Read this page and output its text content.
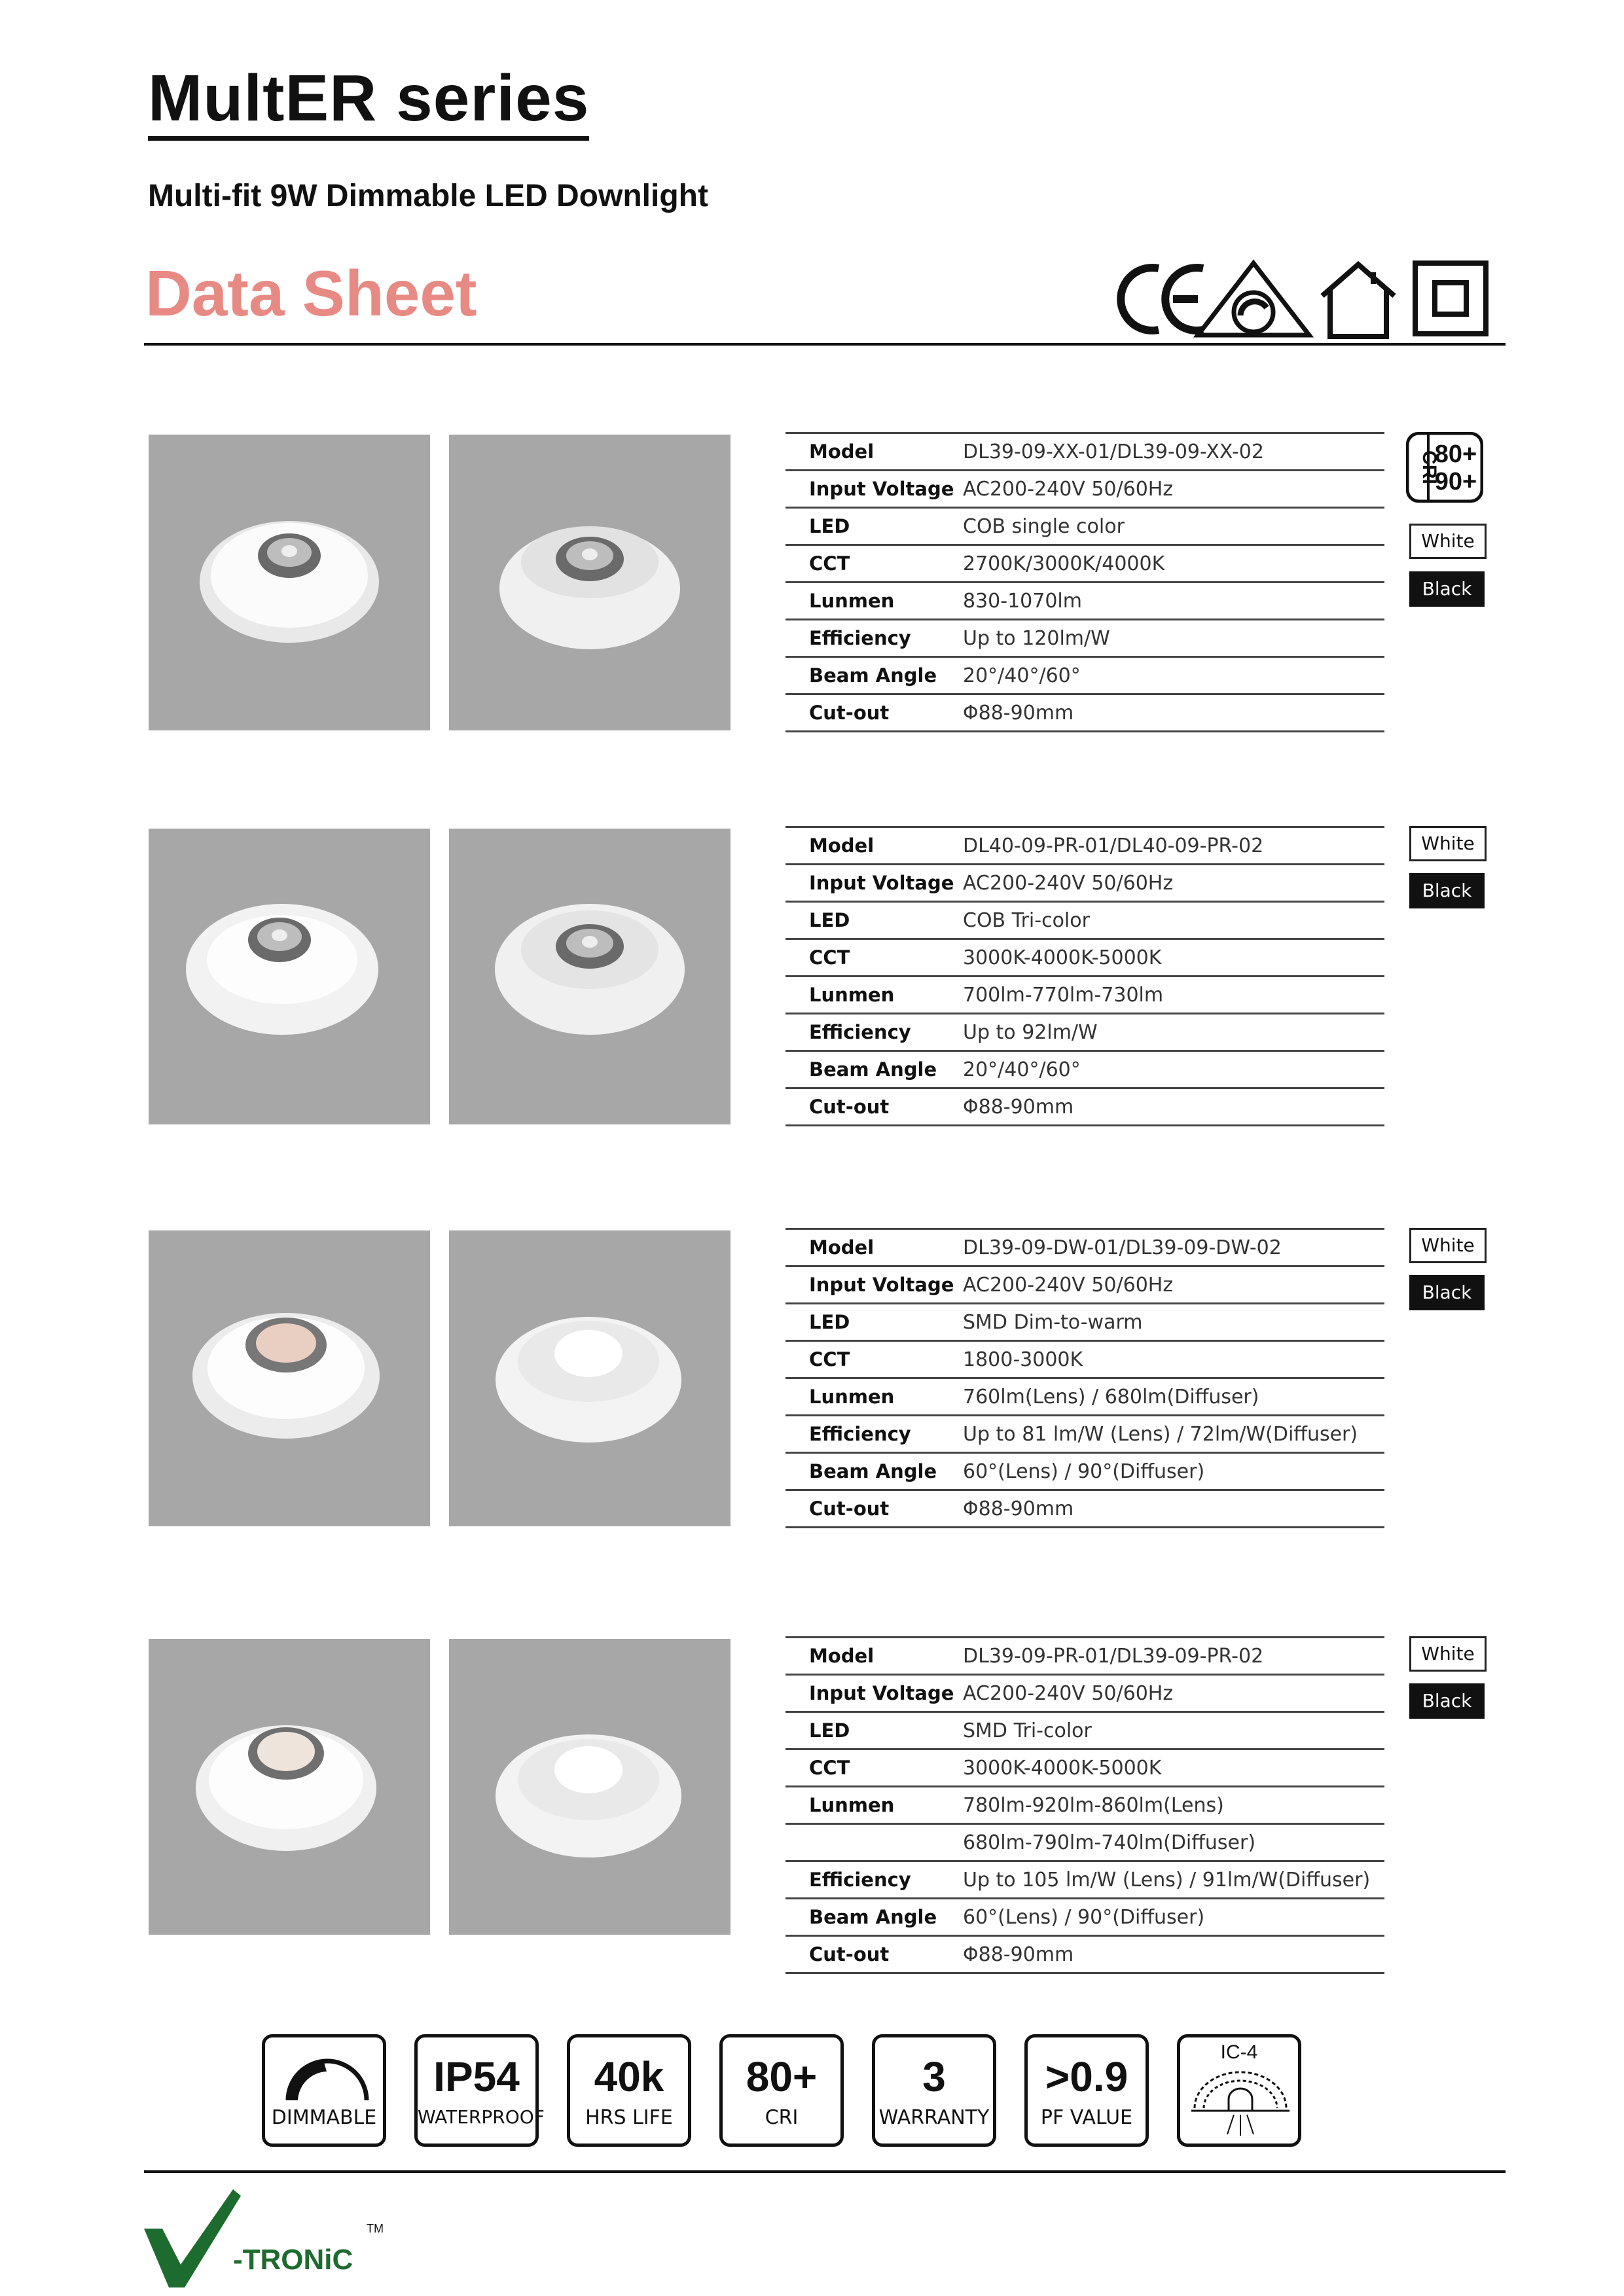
MultER series
Multi-fit 9W Dimmable LED Downlight
Data Sheet
Model	DL39-09-XX-01/DL39-09-XX-02
Input Voltage	AC200-240V 50/60Hz
LED	COB single color
CCT	2700K/3000K/4000K
Lunmen	830-1070lm
Efficiency	Up to 120lm/W
Beam Angle	20°/40°/60°
Cut-out	Φ88-90mm
Model	DL40-09-PR-01/DL40-09-PR-02
Input Voltage	AC200-240V 50/60Hz
LED	COB Tri-color
CCT	3000K-4000K-5000K
Lunmen	700lm-770lm-730lm
Efficiency	Up to 92lm/W
Beam Angle	20°/40°/60°
Cut-out	Φ88-90mm
Model	DL39-09-DW-01/DL39-09-DW-02
Input Voltage	AC200-240V 50/60Hz
LED	SMD Dim-to-warm
CCT	1800-3000K
Lunmen	760lm(Lens) / 680lm(Diffuser)
Efficiency	Up to 81 lm/W (Lens) / 72lm/W(Diffuser)
Beam Angle	60°(Lens) / 90°(Diffuser)
Cut-out	Φ88-90mm
Model	DL39-09-PR-01/DL39-09-PR-02
Input Voltage	AC200-240V 50/60Hz
LED	SMD Tri-color
CCT	3000K-4000K-5000K
Lunmen	780lm-920lm-860lm(Lens)
	680lm-790lm-740lm(Diffuser)
Efficiency	Up to 105 lm/W (Lens) / 91lm/W(Diffuser)
Beam Angle	60°(Lens) / 90°(Diffuser)
Cut-out	Φ88-90mm
CRI
80+
90+
White
Black
White
Black
White
Black
White
Black
DIMMABLE
IP54
WATERPROOF
40k
HRS LIFE
80+
CRI
3
WARRANTY
>0.9
PF VALUE
IC-4
-TRONiC
TM
